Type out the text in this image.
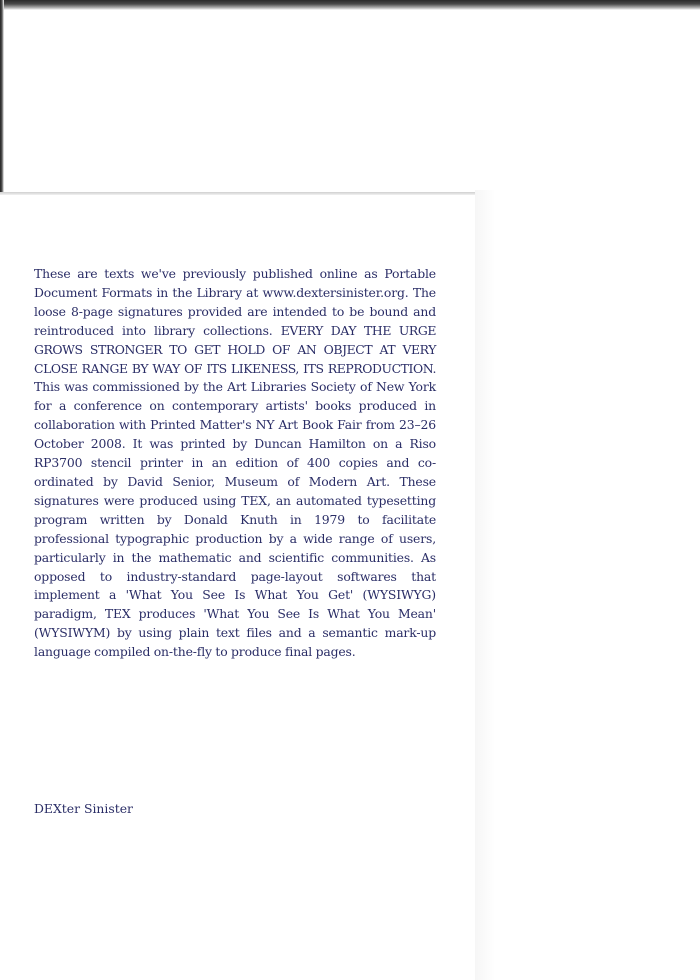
These are texts we've previously published online as Portable Document Formats in the Library at www.dextersinister.org. The loose 8-page signatures provided are intended to be bound and reintroduced into library collections. EVERY DAY THE URGE GROWS STRONGER TO GET HOLD OF AN OBJECT AT VERY CLOSE RANGE BY WAY OF ITS LIKENESS, ITS REPRODUCTION. This was commissioned by the Art Libraries Society of New York for a conference on contemporary artists' books produced in collaboration with Printed Matter's NY Art Book Fair from 23–26 October 2008. It was printed by Duncan Hamilton on a Riso RP3700 stencil printer in an edition of 400 copies and co-ordinated by David Senior, Museum of Modern Art. These signatures were produced using TEX, an automated typesetting program written by Donald Knuth in 1979 to facilitate professional typographic production by a wide range of users, particularly in the mathematic and scientific communities. As opposed to industry-standard page-layout softwares that implement a 'What You See Is What You Get' (WYSIWYG) paradigm, TEX produces 'What You See Is What You Mean' (WYSIWYM) by using plain text files and a semantic mark-up language compiled on-the-fly to produce final pages.

DEXter Sinister
